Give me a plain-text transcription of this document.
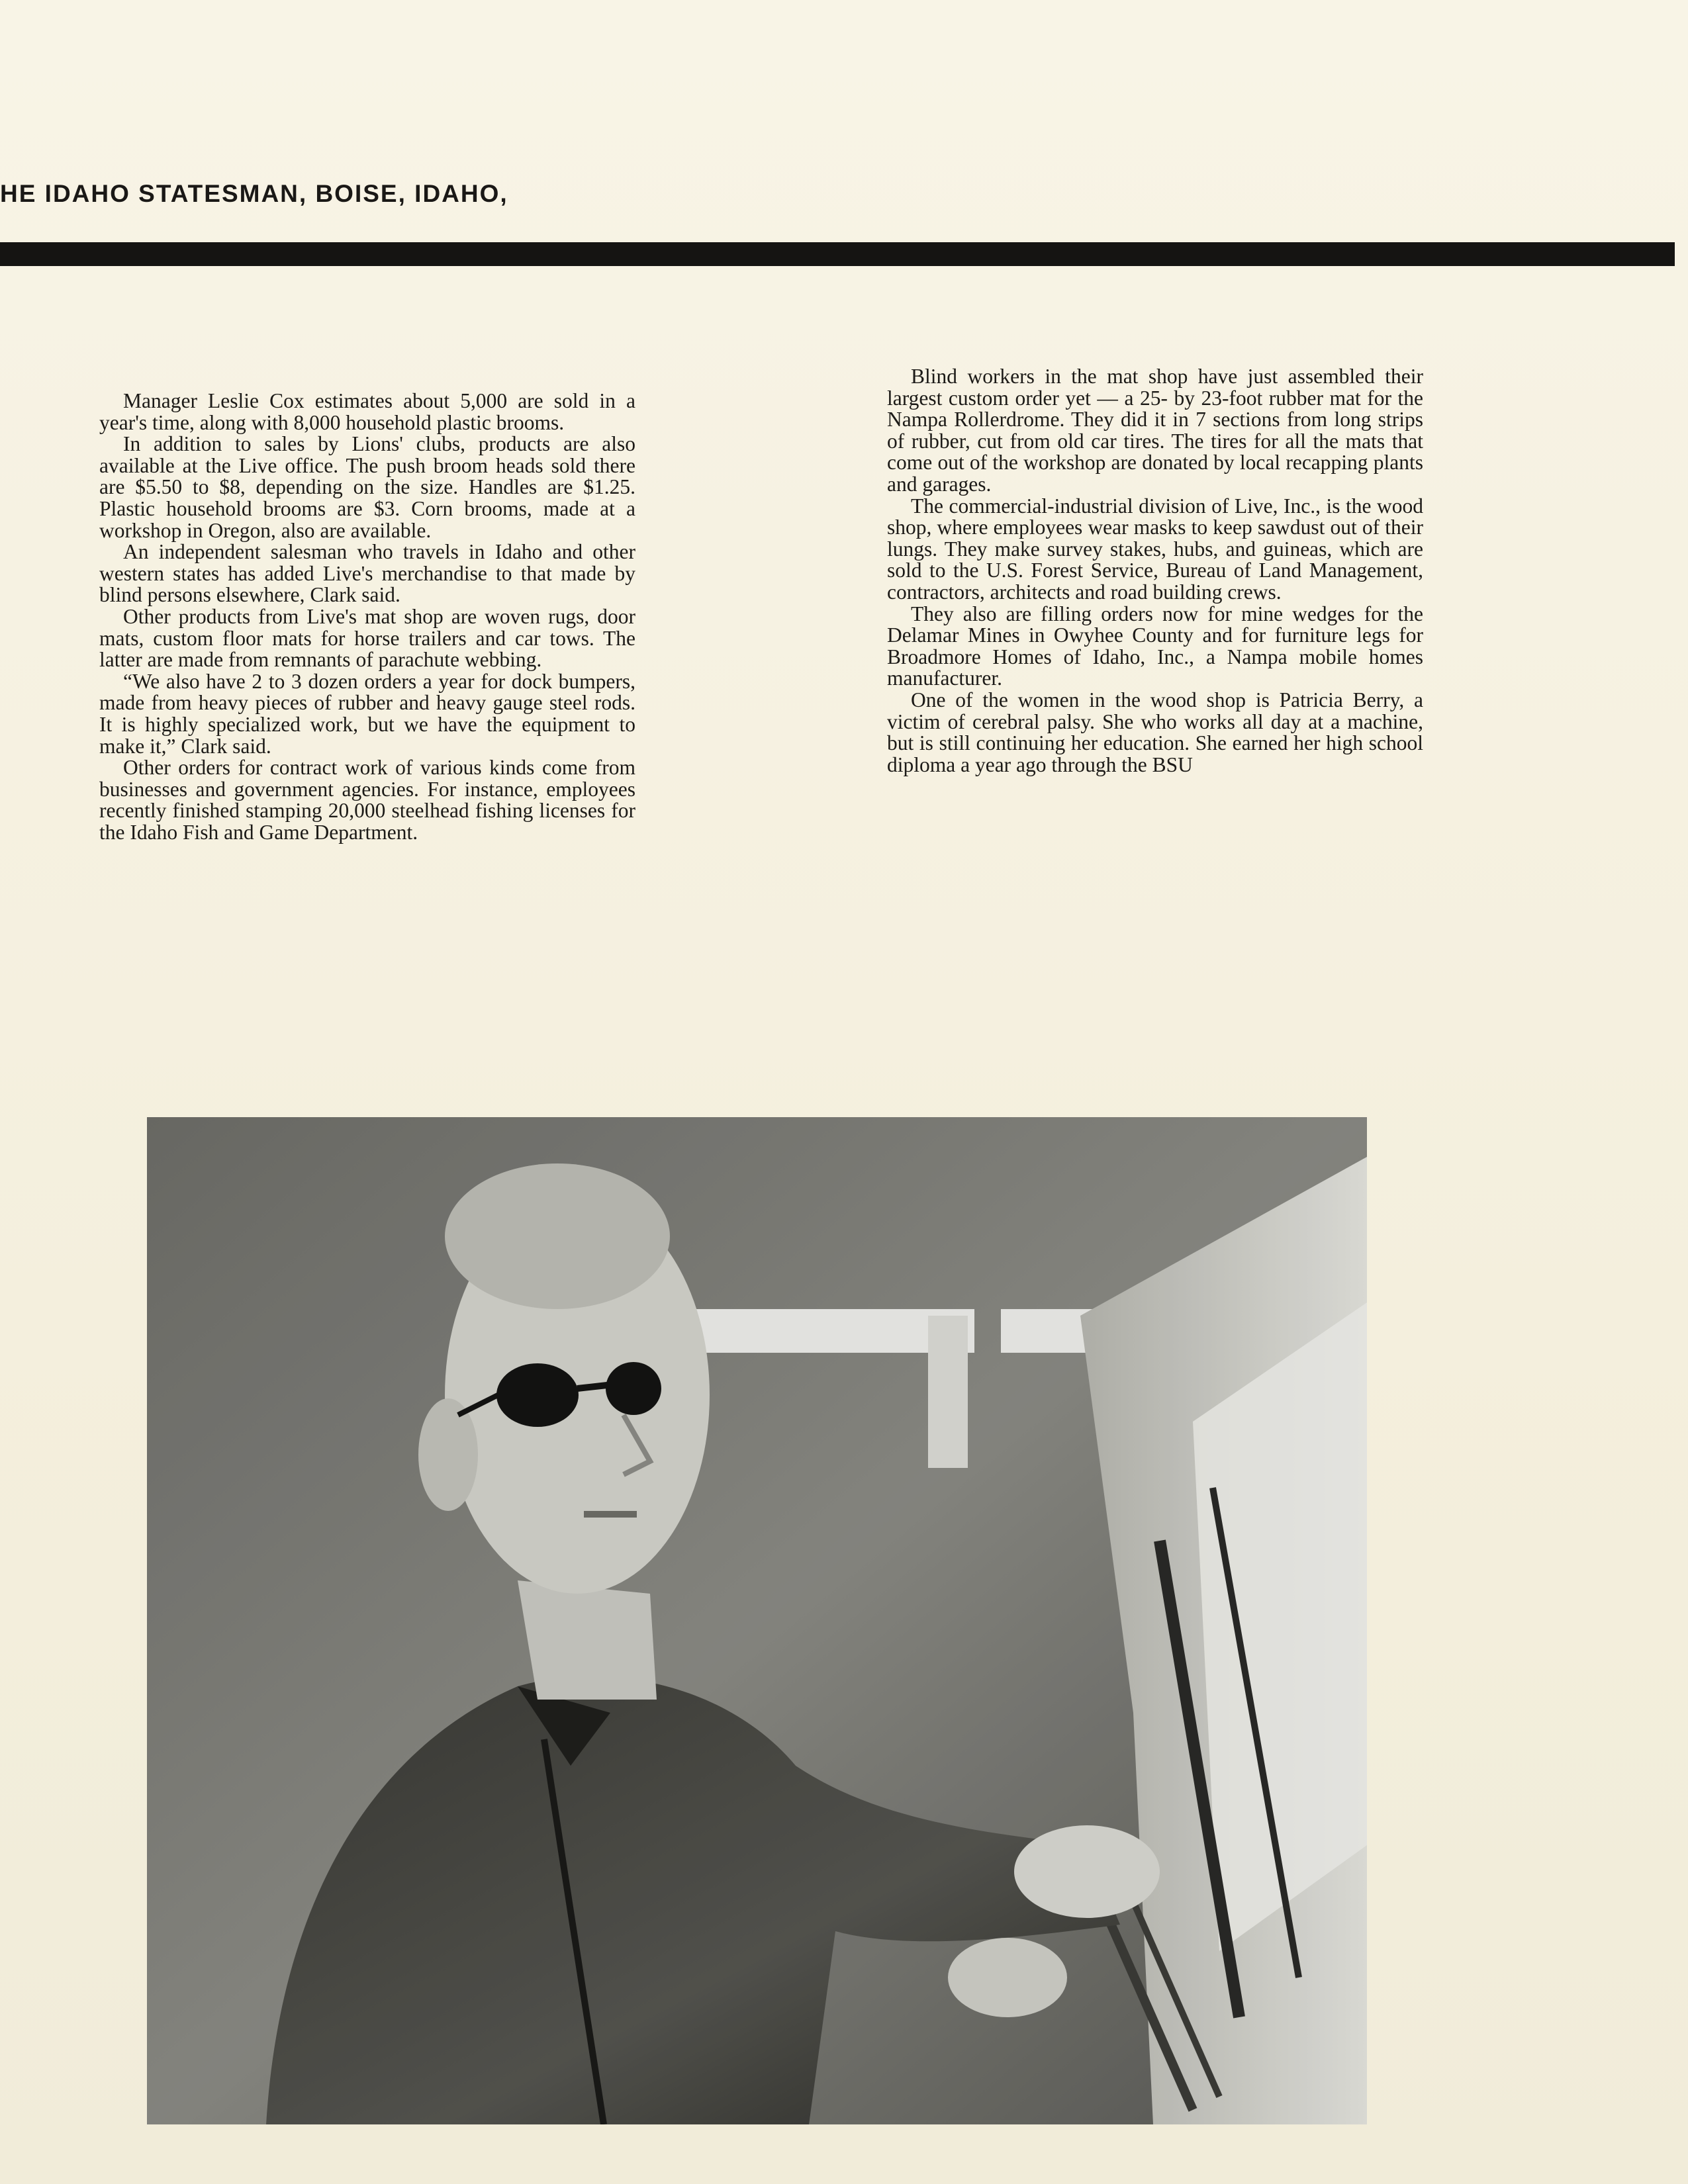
HE IDAHO STATESMAN, BOISE, IDAHO,

Manager Leslie Cox estimates about 5,000 are sold in a year's time, along with 8,000 household plastic brooms.

In addition to sales by Lions' clubs, products are also available at the Live office. The push broom heads sold there are $5.50 to $8, depending on the size. Handles are $1.25. Plastic household brooms are $3. Corn brooms, made at a workshop in Oregon, also are available.

An independent salesman who travels in Idaho and other western states has added Live's merchandise to that made by blind persons elsewhere, Clark said.

Other products from Live's mat shop are woven rugs, door mats, custom floor mats for horse trailers and car tows. The latter are made from remnants of parachute webbing.

“We also have 2 to 3 dozen orders a year for dock bumpers, made from heavy pieces of rubber and heavy gauge steel rods. It is highly specialized work, but we have the equipment to make it,” Clark said.

Other orders for contract work of various kinds come from businesses and government agencies. For instance, employees recently finished stamping 20,000 steelhead fishing licenses for the Idaho Fish and Game Department.

Blind workers in the mat shop have just assembled their largest custom order yet — a 25- by 23-foot rubber mat for the Nampa Rollerdrome. They did it in 7 sections from long strips of rubber, cut from old car tires. The tires for all the mats that come out of the workshop are donated by local recapping plants and garages.

The commercial-industrial division of Live, Inc., is the wood shop, where employees wear masks to keep sawdust out of their lungs. They make survey stakes, hubs, and guineas, which are sold to the U.S. Forest Service, Bureau of Land Management, contractors, architects and road building crews.

They also are filling orders now for mine wedges for the Delamar Mines in Owyhee County and for furniture legs for Broadmore Homes of Idaho, Inc., a Nampa mobile homes manufacturer.

One of the women in the wood shop is Patricia Berry, a victim of cerebral palsy. She who works all day at a machine, but is still continuing her education. She earned her high school diploma a year ago through the BSU
